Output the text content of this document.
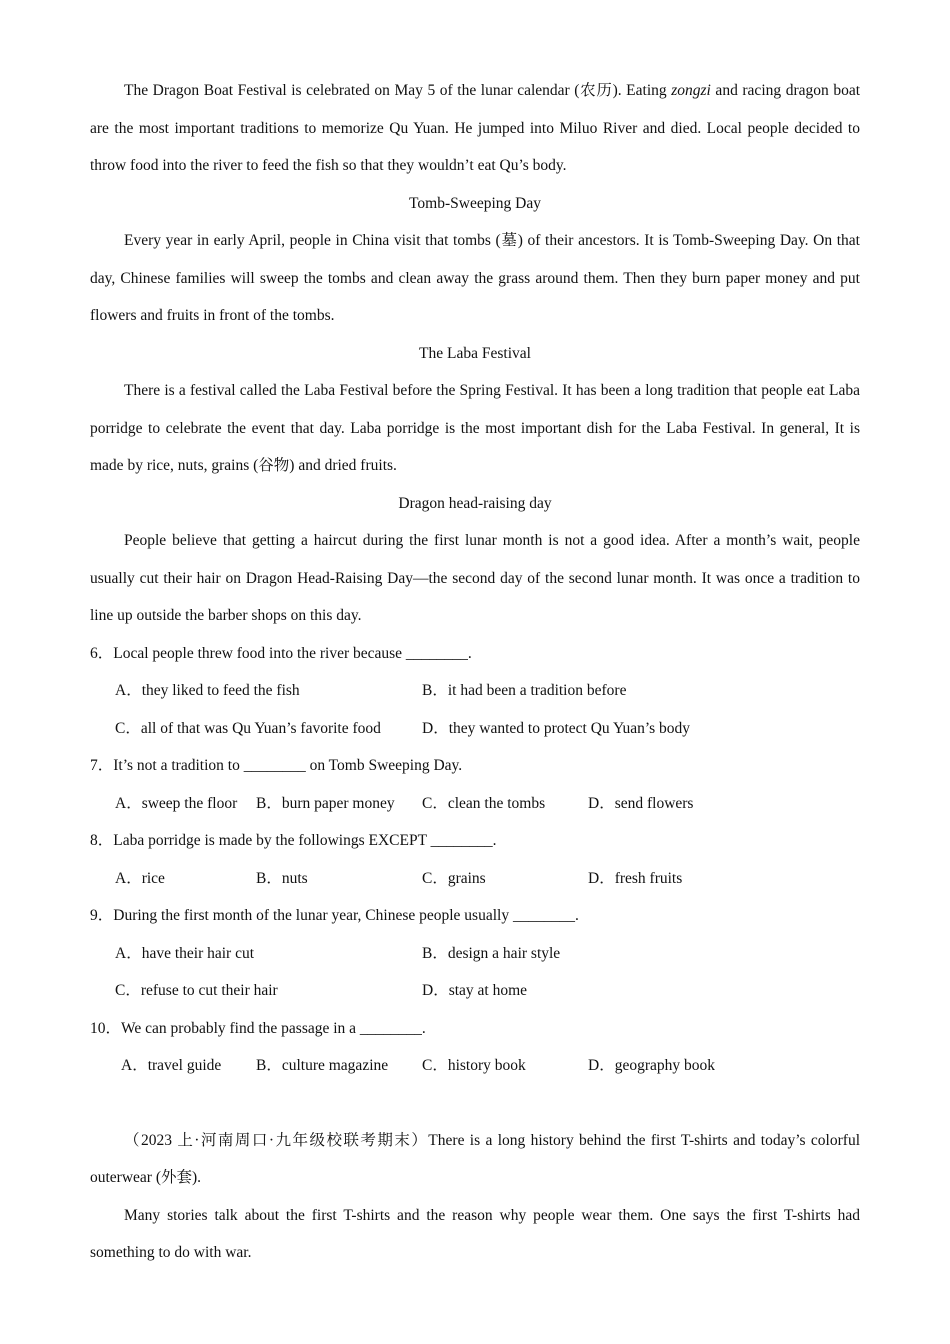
The Dragon Boat Festival is celebrated on May 5 of the lunar calendar (农历). Eating zongzi and racing dragon boat are the most important traditions to memorize Qu Yuan. He jumped into Miluo River and died. Local people decided to throw food into the river to feed the fish so that they wouldn’t eat Qu’s body.

Tomb-Sweeping Day

Every year in early April, people in China visit that tombs (墓) of their ancestors. It is Tomb-Sweeping Day. On that day, Chinese families will sweep the tombs and clean away the grass around them. Then they burn paper money and put flowers and fruits in front of the tombs.

The Laba Festival

There is a festival called the Laba Festival before the Spring Festival. It has been a long tradition that people eat Laba porridge to celebrate the event that day. Laba porridge is the most important dish for the Laba Festival. In general, It is made by rice, nuts, grains (谷物) and dried fruits.

Dragon head-raising day

People believe that getting a haircut during the first lunar month is not a good idea. After a month’s wait, people usually cut their hair on Dragon Head-Raising Day—the second day of the second lunar month. It was once a tradition to line up outside the barber shops on this day.

6．Local people threw food into the river because ________.

A．they liked to feed the fish	B．it had been a tradition before
C．all of that was Qu Yuan’s favorite food	D．they wanted to protect Qu Yuan’s body

7．It’s not a tradition to ________ on Tomb Sweeping Day.

A．sweep the floor B．burn paper money C．clean the tombs	D．send flowers

8．Laba porridge is made by the followings EXCEPT ________.

A．rice	B．nuts	C．grains	D．fresh fruits

9．During the first month of the lunar year, Chinese people usually ________.

A．have their hair cut	B．design a hair style
C．refuse to cut their hair	D．stay at home

10．We can probably find the passage in a ________.

A．travel guide B．culture magazine C．history book	D．geography book

（2023 上·河南周口·九年级校联考期末）There is a long history behind the first T-shirts and today’s colorful outerwear (外套).

Many stories talk about the first T-shirts and the reason why people wear them. One says the first T-shirts had something to do with war.
